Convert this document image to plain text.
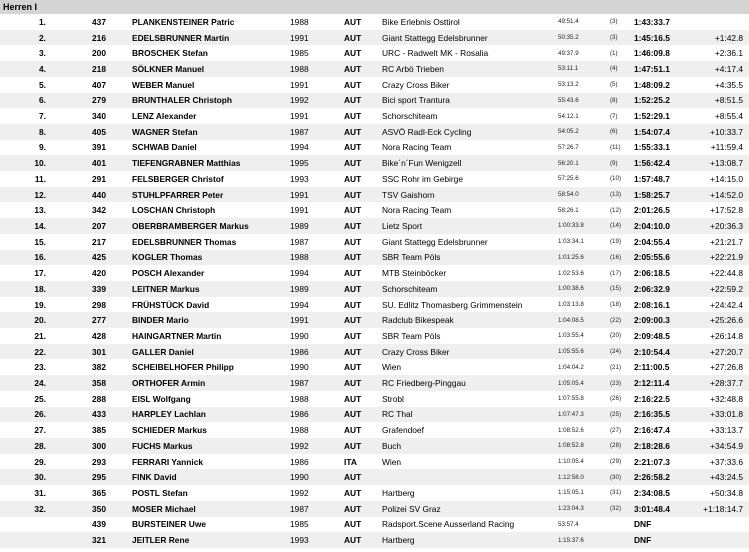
Herren I
1.	437	PLANKENSTEINER Patric	1988	AUT	Bike Erlebnis Osttirol	49:51.4	(3)	1:43:33.7	
2.	216	EDELSBRUNNER Martin	1991	AUT	Giant Stattegg Edelsbrunner	50:35.2	(3)	1:45:16.5	+1:42.8
3.	200	BROSCHEK Stefan	1985	AUT	URC - Radwelt MK - Rosalia	49:37.9	(1)	1:46:09.8	+2:36.1
4.	218	SÖLKNER Manuel	1988	AUT	RC Arbö Trieben	53:11.1	(4)	1:47:51.1	+4:17.4
5.	407	WEBER Manuel	1991	AUT	Crazy Cross Biker	53:13.2	(5)	1:48:09.2	+4:35.5
6.	279	BRUNTHALER Christoph	1992	AUT	Bici sport Trantura	55:43.6	(8)	1:52:25.2	+8:51.5
7.	340	LENZ Alexander	1991	AUT	Schorschiteam	54:12.1	(7)	1:52:29.1	+8:55.4
8.	405	WAGNER Stefan	1987	AUT	ASVÖ Radl-Eck Cycling	54:05.2	(6)	1:54:07.4	+10:33.7
9.	391	SCHWAB Daniel	1994	AUT	Nora Racing Team	57:26.7	(11)	1:55:33.1	+11:59.4
10.	401	TIEFENGRABNER Matthias	1995	AUT	Bike´n´Fun Wenigzell	56:20.1	(9)	1:56:42.4	+13:08.7
11.	291	FELSBERGER Christof	1993	AUT	SSC Rohr im Gebirge	57:25.6	(10)	1:57:48.7	+14:15.0
12.	440	STUHLPFARRER Peter	1991	AUT	TSV Gaishorn	58:54.0	(13)	1:58:25.7	+14:52.0
13.	342	LOSCHAN Christoph	1991	AUT	Nora Racing Team	58:26.1	(12)	2:01:26.5	+17:52.8
14.	207	OBERBRAMBERGER Markus	1989	AUT	Lietz Sport	1:00:33.8	(14)	2:04:10.0	+20:36.3
15.	217	EDELSBRUNNER Thomas	1987	AUT	Giant Stattegg Edelsbrunner	1:03:34.1	(19)	2:04:55.4	+21:21.7
16.	425	KOGLER Thomas	1988	AUT	SBR Team Pöls	1:01:25.6	(16)	2:05:55.6	+22:21.9
17.	420	POSCH Alexander	1994	AUT	MTB Steinböcker	1:02:53.6	(17)	2:06:18.5	+22:44.8
18.	339	LEITNER Markus	1989	AUT	Schorschiteam	1:00:38.6	(15)	2:06:32.9	+22:59.2
19.	298	FRÜHSTÜCK David	1994	AUT	SU. Edlitz Thomasberg Grimmenstein	1:03:13.8	(18)	2:08:16.1	+24:42.4
20.	277	BINDER Mario	1991	AUT	Radclub Bikespeak	1:04:08.5	(22)	2:09:00.3	+25:26.6
21.	428	HAINGARTNER Martin	1990	AUT	SBR Team Pöls	1:03:55.4	(20)	2:09:48.5	+26:14.8
22.	301	GALLER Daniel	1986	AUT	Crazy Cross Biker	1:05:55.6	(24)	2:10:54.4	+27:20.7
23.	382	SCHEIBELHOFER Philipp	1990	AUT	Wien	1:04:04.2	(21)	2:11:00.5	+27:26.8
24.	358	ORTHOFER Armin	1987	AUT	RC Friedberg-Pinggau	1:05:05.4	(23)	2:12:11.4	+28:37.7
25.	288	EISL Wolfgang	1988	AUT	Strobl	1:07:55.8	(26)	2:16:22.5	+32:48.8
26.	433	HARPLEY Lachlan	1986	AUT	RC Thal	1:07:47.3	(25)	2:16:35.5	+33:01.8
27.	385	SCHIEDER Markus	1988	AUT	Grafendoef	1:08:52.6	(27)	2:16:47.4	+33:13.7
28.	300	FUCHS Markus	1992	AUT	Buch	1:08:52.8	(28)	2:18:28.6	+34:54.9
29.	293	FERRARI Yannick	1986	ITA	Wien	1:10:05.4	(29)	2:21:07.3	+37:33.6
30.	295	FINK David	1990	AUT		1:12:58.0	(30)	2:26:58.2	+43:24.5
31.	365	POSTL Stefan	1992	AUT	Hartberg	1:15:05.1	(31)	2:34:08.5	+50:34.8
32.	350	MOSER Michael	1987	AUT	Polizei SV Graz	1:23:04.3	(32)	3:01:48.4	+1:18:14.7
	439	BURSTEINER Uwe	1985	AUT	Radsport.Scene Ausserland Racing	53:57.4		DNF	
	321	JEITLER Rene	1993	AUT	Hartberg	1:15:37.6		DNF	
